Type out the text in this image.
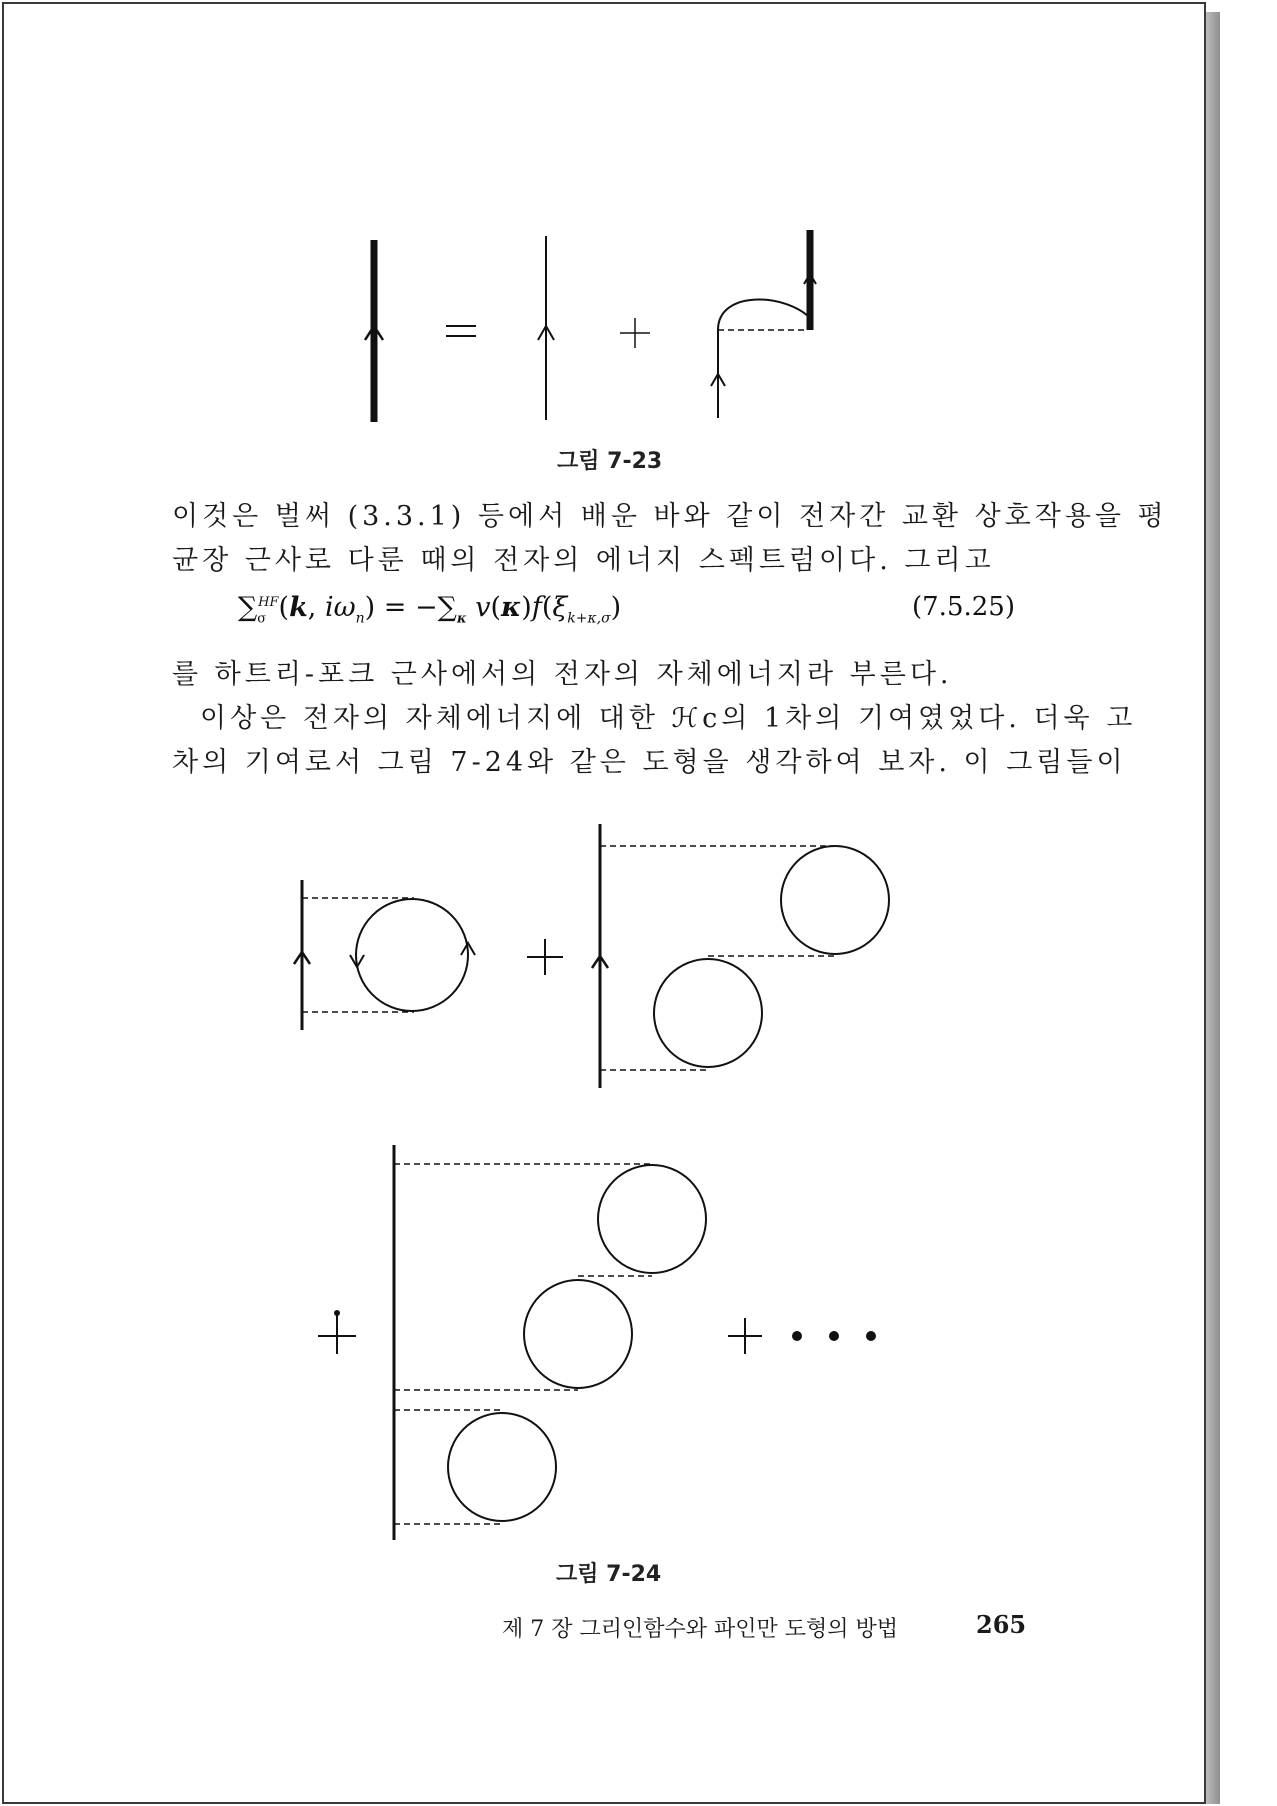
그림 7-23
이것은 벌써 (3.3.1) 등에서 배운 바와 같이 전자간 교환 상호작용을 평
균장 근사로 다룬 때의 전자의 에너지 스펙트럼이다. 그리고
$\sum_\sigma^{HF}(k$, $i\omega_n) = -\sum_\kappa$ $v(\kappa)f(\xi_{k+\kappa,\sigma})$	(7.5.25)
를 하트리-포크 근사에서의 전자의 자체에너지라 부른다.
이상은 전자의 자체에너지에 대한 ℋc의 1차의 기여였었다. 더욱 고
차의 기여로서 그림 7-24와 같은 도형을 생각하여 보자. 이 그림들이
그림 7-24
제 7 장 그리인함수와 파인만 도형의 방법	265
